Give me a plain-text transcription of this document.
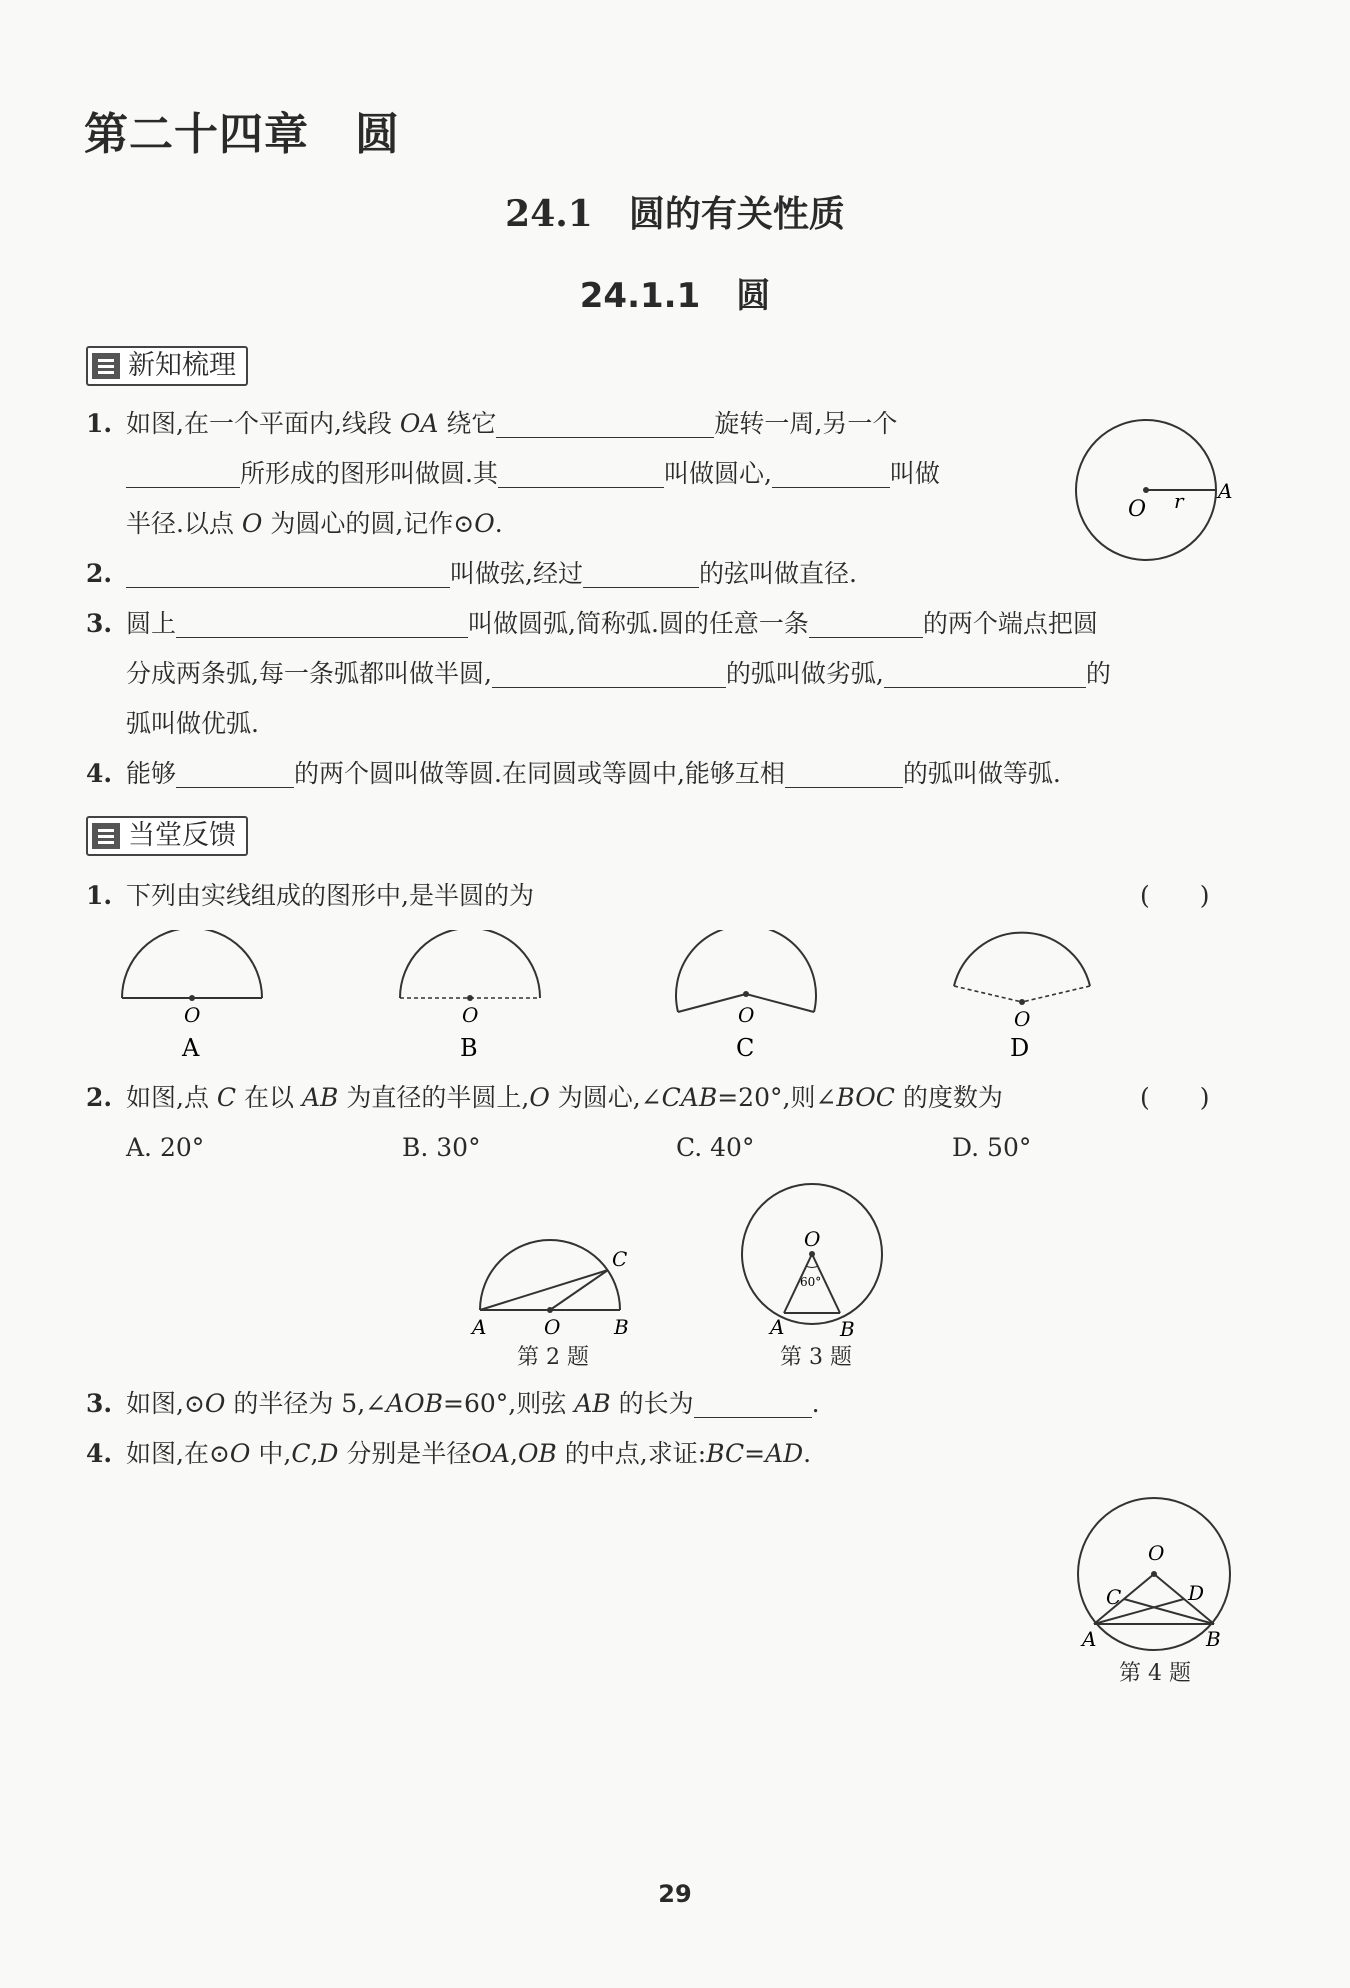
第二十四章 圆
24.1 圆的有关性质
24.1.1 圆
新知梳理
1. 如图,在一个平面内,线段 OA 绕它	旋转一周,另一个
所形成的图形叫做圆.其	叫做圆心,	叫做
半径.以点 O 为圆心的圆,记作⊙O.	O r A
2.	叫做弦,经过	的弦叫做直径.
3. 圆上	叫做圆弧,简称弧.圆的任意一条	的两个端点把圆
分成两条弧,每一条弧都叫做半圆,	的弧叫做劣弧,	的
弧叫做优弧.
4. 能够	的两个圆叫做等圆.在同圆或等圆中,能够互相	的弧叫做等弧.
当堂反馈
1. 下列由实线组成的图形中,是半圆的为	(　　)
O
A
O
B
O
C
O
D
2. 如图,点 C 在以 AB 为直径的半圆上,O 为圆心,∠CAB=20°,则∠BOC 的度数为	(　　)
A. 20°	B. 30°	C. 40°	D. 50°
A	O	B
C
第 2 题
O
60°
A	B
第 3 题
3. 如图,⊙O 的半径为 5,∠AOB=60°,则弦 AB 的长为	.
4. 如图,在⊙O 中,C,D 分别是半径OA,OB 的中点,求证:BC=AD.
O
C	D
A	B
第 4 题
29
